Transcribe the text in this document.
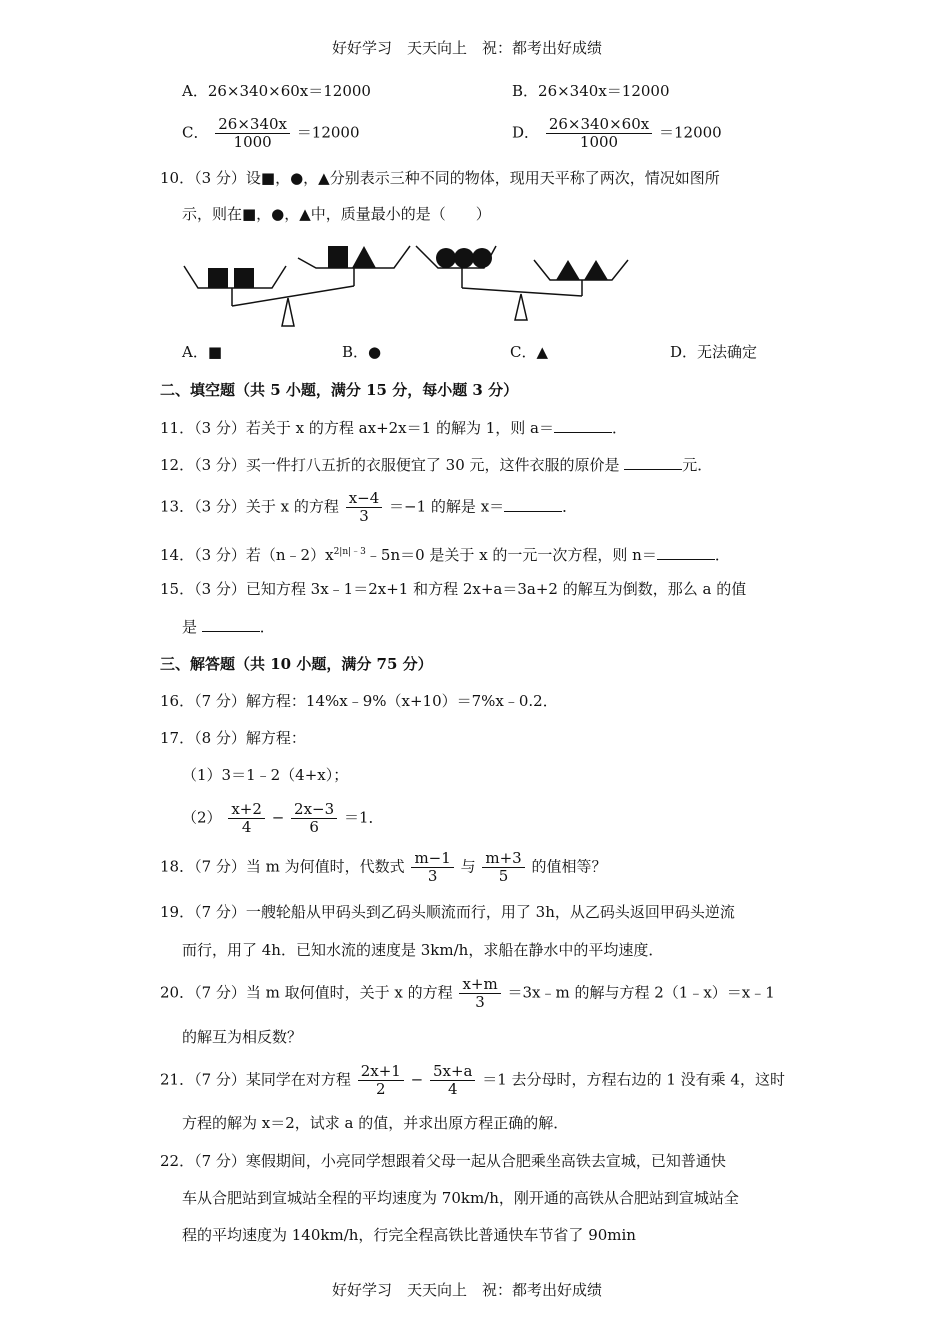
好好学习　天天向上　祝：都考出好成绩
好好学习　天天向上　祝：都考出好成绩
A．26×340×60x＝12000	B．26×340x＝12000
C． $\frac{26\times 340x}{1000} =12000$	D． $\frac{26\times 340\times 60x}{1000} =12000$
10．（3 分）设■，●，▲分别表示三种不同的物体，现用天平称了两次，情况如图所
示，则在■，●，▲中，质量最小的是（　　）
A．■	B．●	C．▲	D．无法确定
二、填空题（共 5 小题，满分 15 分，每小题 3 分）
11．（3 分）若关于 x 的方程 ax+2x＝1 的解为 1，则 a＝	．
12．（3 分）买一件打八五折的衣服便宜了 30 元，这件衣服的原价是	元．
13．（3 分）关于 x 的方程 $\frac{x-4}{3} =-1$ 的解是 x＝	．
14．（3 分）若$(n﹣2)x^{2|n|﹣3}﹣5n=0$ 是关于 x 的一元一次方程，则 n＝	．
15．（3 分）已知方程 3x﹣1＝2x+1 和方程 2x+a＝3a+2 的解互为倒数，那么 a 的值
是	．
三、解答题（共 10 小题，满分 75 分）
16．（7 分）解方程：14%x﹣9%（x+10）＝7%x﹣0.2．
17．（8 分）解方程：
（1）3＝1﹣2（4+x）；
$(2) \frac{x+2}{4} - \frac{2x-3}{6} =1$．
18．（7 分）当 m 为何值时，代数式 $\frac{m-1}{3}$ 与 $\frac{m+3}{5}$ 的值相等？
19．（7 分）一艘轮船从甲码头到乙码头顺流而行，用了 3h，从乙码头返回甲码头逆流
而行，用了 4h．已知水流的速度是 3km/h，求船在静水中的平均速度．
20．（7 分）当 m 取何值时，关于 x 的方程 $\frac{x+m}{3}$ ＝3x﹣m 的解与方程 2（1﹣x）＝x﹣1
的解互为相反数？
21．（7 分）某同学在对方程 $\frac{2x+1}{2} - \frac{5x+a}{4} =1$ 去分母时，方程右边的 1 没有乘 4，这时
方程的解为 x＝2，试求 a 的值，并求出原方程正确的解．
22．（7 分）寒假期间，小亮同学想跟着父母一起从合肥乘坐高铁去宣城，已知普通快
车从合肥站到宣城站全程的平均速度为 70km/h，刚开通的高铁从合肥站到宣城站全
程的平均速度为 140km/h，行完全程高铁比普通快车节省了 90min
